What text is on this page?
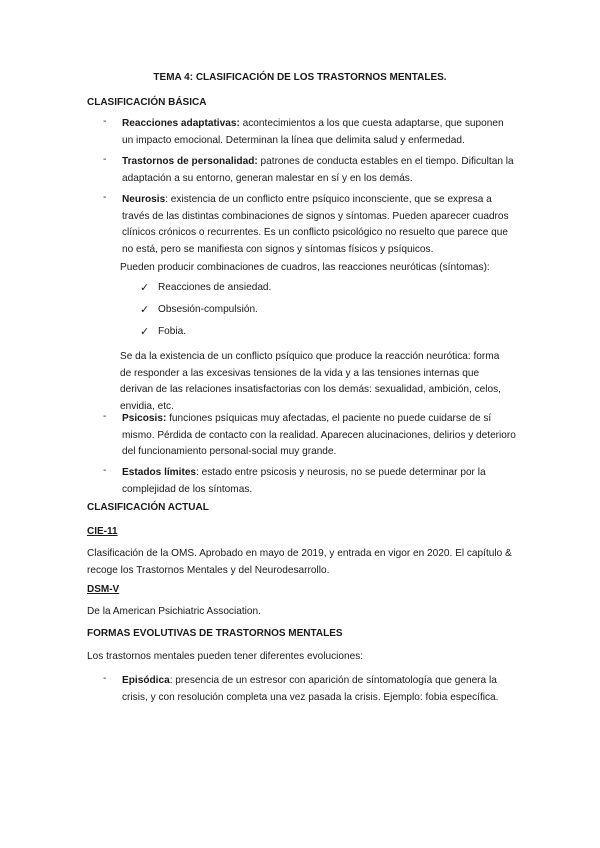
TEMA 4: CLASIFICACIÓN DE LOS TRASTORNOS MENTALES.
CLASIFICACIÓN BÁSICA
- Reacciones adaptativas: acontecimientos a los que cuesta adaptarse, que suponen un impacto emocional. Determinan la línea que delimita salud y enfermedad.
- Trastornos de personalidad: patrones de conducta estables en el tiempo. Dificultan la adaptación a su entorno, generan malestar en sí y en los demás.
- Neurosis: existencia de un conflicto entre psíquico inconsciente, que se expresa a través de las distintas combinaciones de signos y síntomas. Pueden aparecer cuadros clínicos crónicos o recurrentes. Es un conflicto psicológico no resuelto que parece que no está, pero se manifiesta con signos y síntomas físicos y psíquicos.
Pueden producir combinaciones de cuadros, las reacciones neuróticas (síntomas):
✓ Reacciones de ansiedad.
✓ Obsesión-compulsión.
✓ Fobia.
Se da la existencia de un conflicto psíquico que produce la reacción neurótica: forma de responder a las excesivas tensiones de la vida y a las tensiones internas que derivan de las relaciones insatisfactorias con los demás: sexualidad, ambición, celos, envidia, etc.
- Psicosis: funciones psíquicas muy afectadas, el paciente no puede cuidarse de sí mismo. Pérdida de contacto con la realidad. Aparecen alucinaciones, delirios y deterioro del funcionamiento personal-social muy grande.
- Estados límites: estado entre psicosis y neurosis, no se puede determinar por la complejidad de los síntomas.
CLASIFICACIÓN ACTUAL
CIE-11
Clasificación de la OMS. Aprobado en mayo de 2019, y entrada en vigor en 2020. El capítulo & recoge los Trastornos Mentales y del Neurodesarrollo.
DSM-V
De la American Psichiatric Association.
FORMAS EVOLUTIVAS DE TRASTORNOS MENTALES
Los trastornos mentales pueden tener diferentes evoluciones:
- Episódica: presencia de un estresor con aparición de síntomatología que genera la crisis, y con resolución completa una vez pasada la crisis. Ejemplo: fobia específica.
